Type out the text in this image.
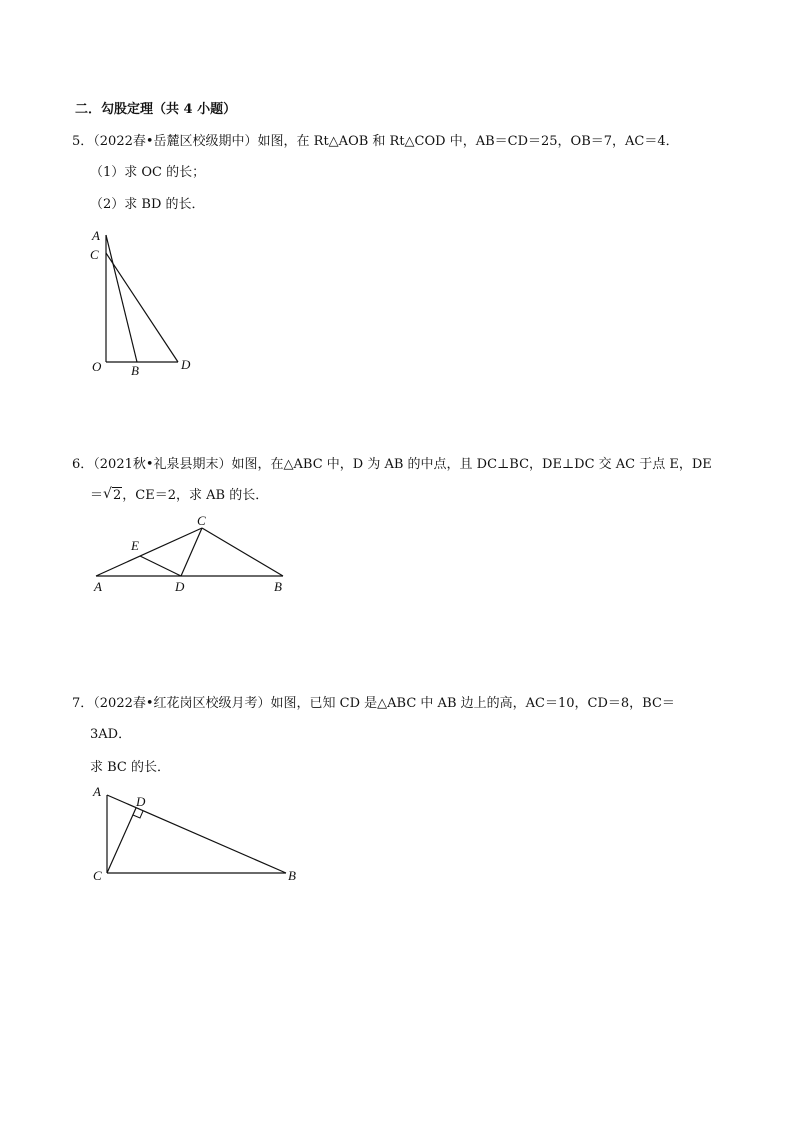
二．勾股定理（共 4 小题）
5．（2022春•岳麓区校级期中）如图，在 Rt△AOB 和 Rt△COD 中，AB＝CD＝25，OB＝7，AC＝4．
（1）求 OC 的长；
（2）求 BD 的长．
A
C
O B	D
6．（2021秋•礼泉县期末）如图，在△ABC 中，D 为 AB 的中点，且 DC⊥BC，DE⊥DC 交 AC 于点 E，DE
＝ √ 2，CE＝2，求 AB 的长．
C
E
A	D	B
7．（2022春•红花岗区校级月考）如图，已知 CD 是△ABC 中 AB 边上的高，AC＝10，CD＝8，BC＝
3AD．
求 BC 的长．
A
D
C	B
